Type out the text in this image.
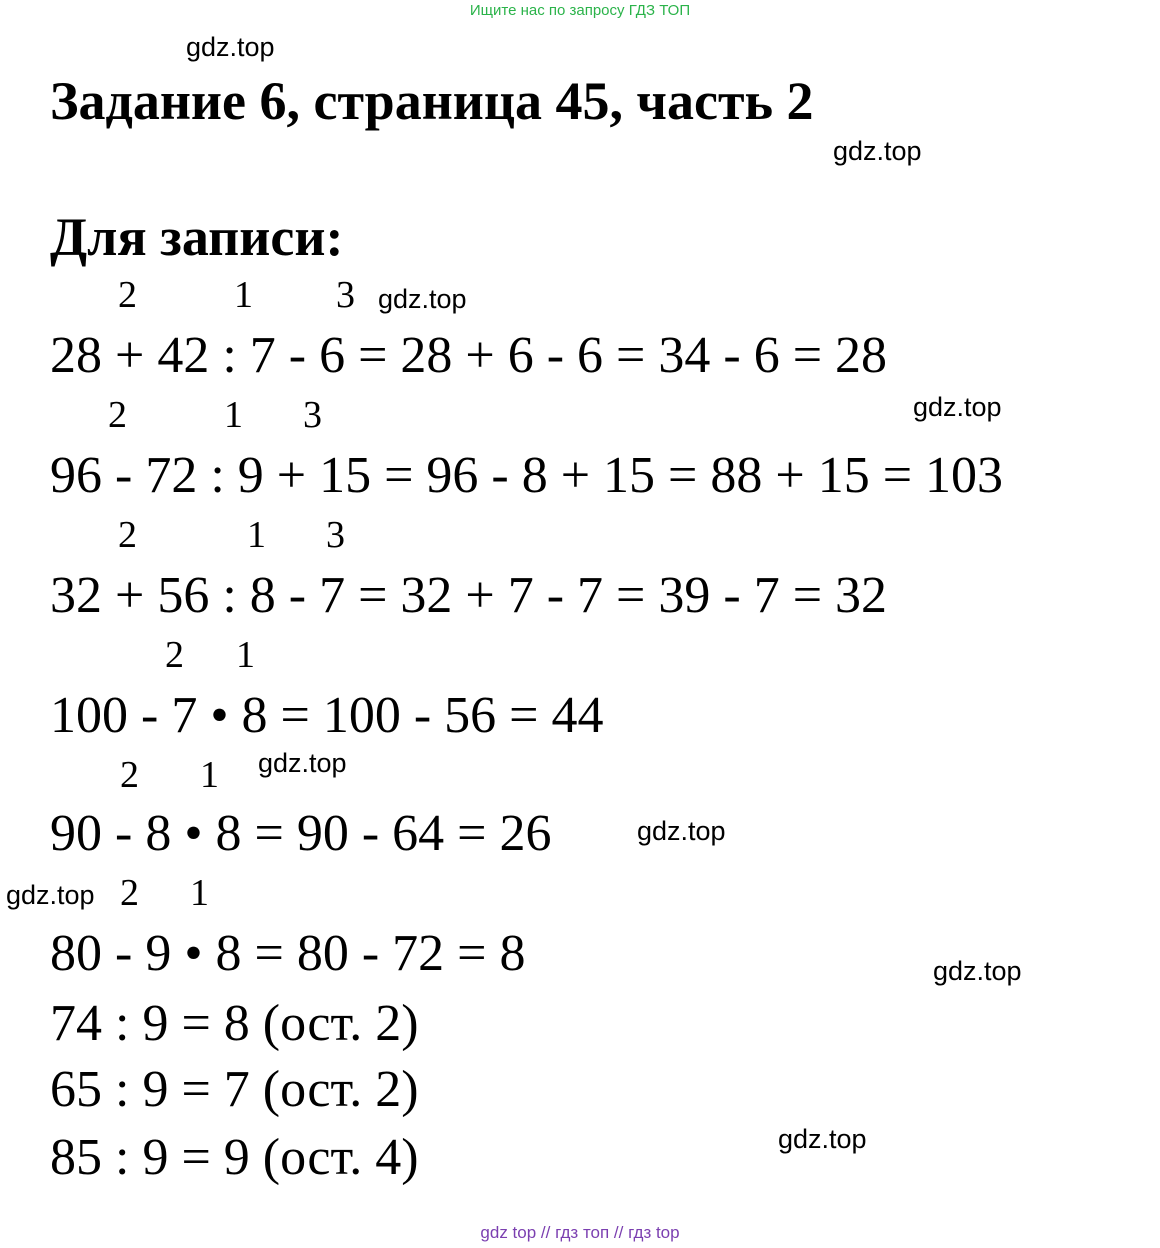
Ищите нас по запросу ГДЗ ТОП
gdz.top
gdz.top
gdz.top
gdz.top
gdz.top
gdz.top
gdz.top
gdz.top
gdz.top
Задание 6, страница 45, часть 2
Для записи:
2	1 3
28 + 42 : 7 - 6 = 28 + 6 - 6 = 34 - 6 = 28
2	1 3
96 - 72 : 9 + 15 = 96 - 8 + 15 = 88 + 15 = 103
2	1 3
32 + 56 : 8 - 7 = 32 + 7 - 7 = 39 - 7 = 32
2 1
100 - 7 • 8 = 100 - 56 = 44
2 1
90 - 8 • 8 = 90 - 64 = 26
2 1
80 - 9 • 8 = 80 - 72 = 8
74 : 9 = 8 (ост. 2)
65 : 9 = 7 (ост. 2)
85 : 9 = 9 (ост. 4)
gdz top // гдз топ // гдз top
